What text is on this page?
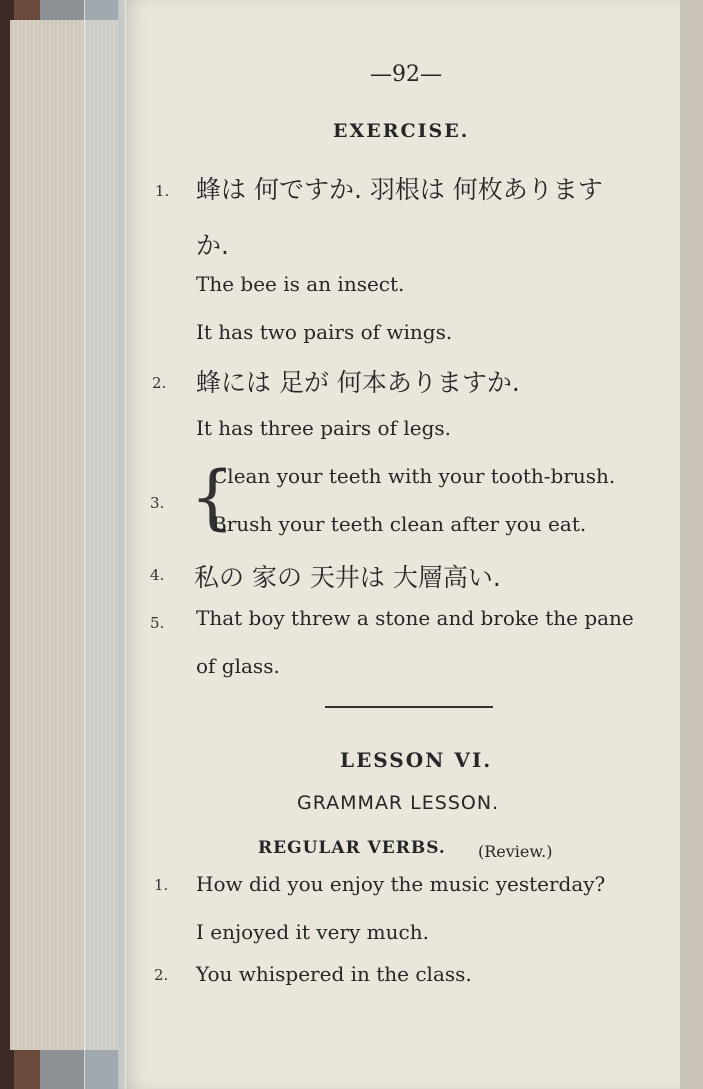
—92—
EXERCISE.
1. 蜂は 何ですか. 羽根は 何枚あります
か.
The bee is an insect.
It has two pairs of wings.
2. 蜂には 足が 何本ありますか.
It has three pairs of legs.
3. {
Clean your teeth with your tooth-brush.
Brush your teeth clean after you eat.
4. 私の 家の 天井は 大層高い.
5. That boy threw a stone and broke the pane
of glass.
LESSON VI.
GRAMMAR LESSON.
REGULAR VERBS. (Review.)
1. How did you enjoy the music yesterday?
I enjoyed it very much.
2. You whispered in the class.
